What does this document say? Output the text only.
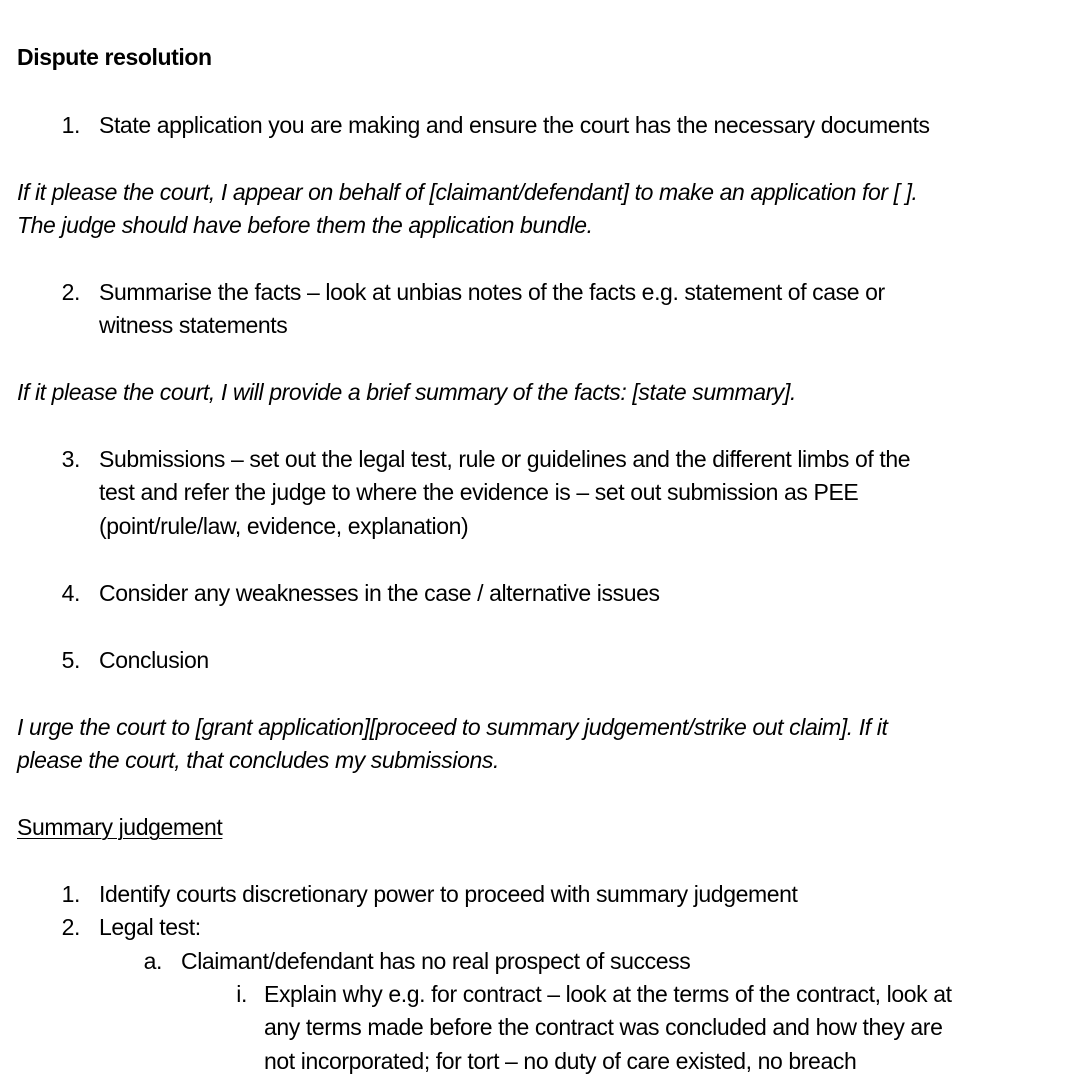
Dispute resolution
1. State application you are making and ensure the court has the necessary documents
If it please the court, I appear on behalf of [claimant/defendant] to make an application for [ ].
The judge should have before them the application bundle.
2. Summarise the facts – look at unbias notes of the facts e.g. statement of case or
witness statements
If it please the court, I will provide a brief summary of the facts: [state summary].
3. Submissions – set out the legal test, rule or guidelines and the different limbs of the
test and refer the judge to where the evidence is – set out submission as PEE
(point/rule/law, evidence, explanation)
4. Consider any weaknesses in the case / alternative issues
5. Conclusion
I urge the court to [grant application][proceed to summary judgement/strike out claim]. If it
please the court, that concludes my submissions.
Summary judgement
1. Identify courts discretionary power to proceed with summary judgement
2. Legal test:
a. Claimant/defendant has no real prospect of success
i. Explain why e.g. for contract – look at the terms of the contract, look at
any terms made before the contract was concluded and how they are
not incorporated; for tort – no duty of care existed, no breach
